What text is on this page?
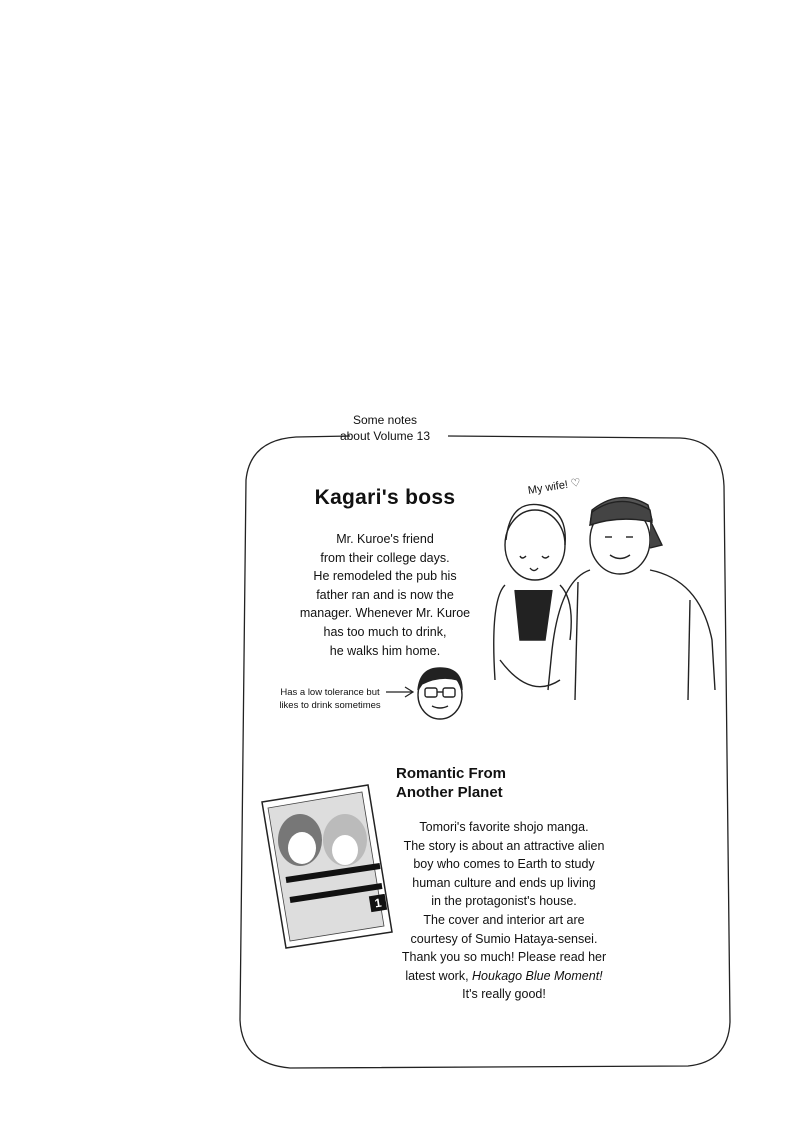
Some notes
about Volume 13
Kagari's boss
Mr. Kuroe's friend
from their college days.
He remodeled the pub his
father ran and is now the
manager. Whenever Mr. Kuroe
has too much to drink,
he walks him home.
My wife! ♡
Has a low tolerance but
likes to drink sometimes
Romantic From
Another Planet
Tomori's favorite shojo manga.
The story is about an attractive alien
boy who comes to Earth to study
human culture and ends up living
in the protagonist's house.
The cover and interior art are
courtesy of Sumio Hataya-sensei.
Thank you so much! Please read her
latest work, Houkago Blue Moment!
It's really good!
1
